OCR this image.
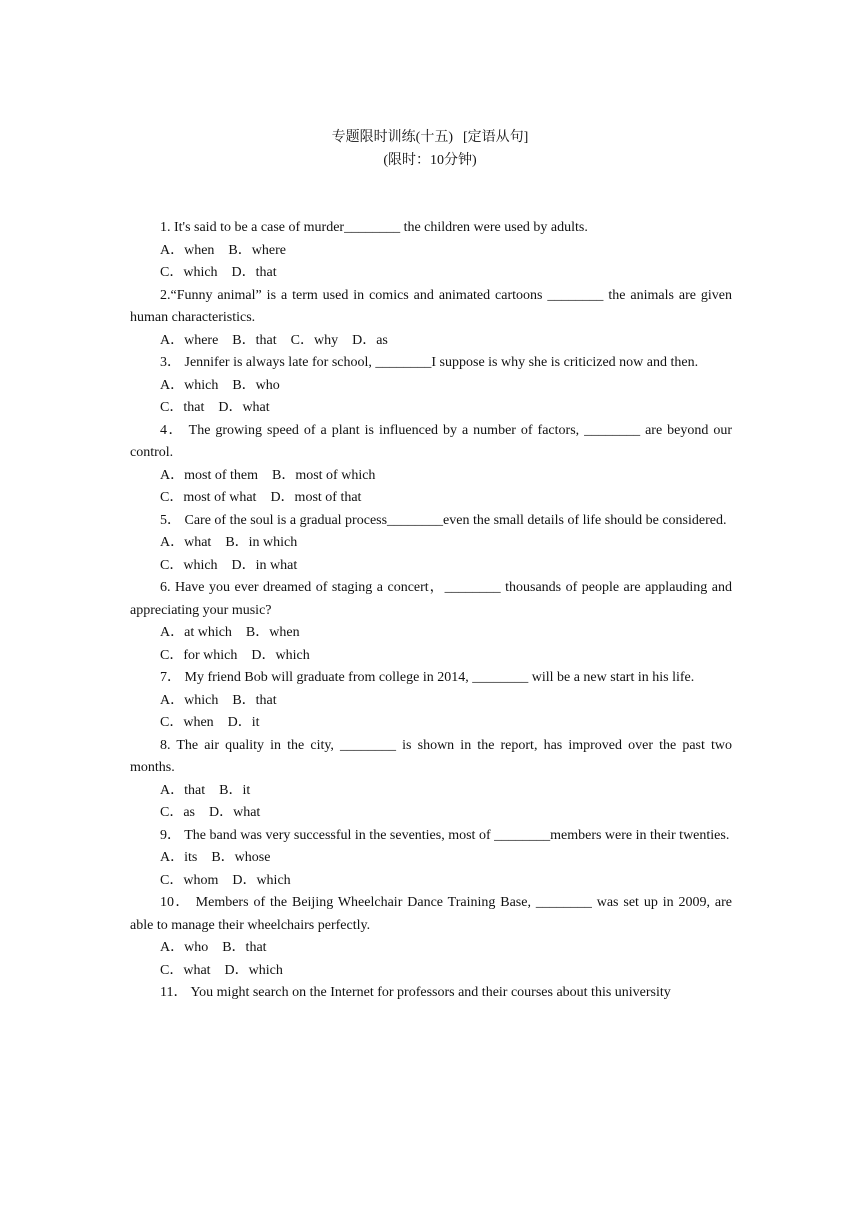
专题限时训练(十五) [定语从句]
(限时：10分钟)

1. It's said to be a case of murder________ the children were used by adults.

A．when    B．where

C．which    D．that

2.“Funny animal” is a term used in comics and animated cartoons ________ the animals are given human characteristics.

A．where    B．that    C．why    D．as

3． Jennifer is always late for school, ________I suppose is why she is criticized now and then.

A．which    B．who

C．that    D．what

4． The growing speed of a plant is influenced by a number of factors, ________ are beyond our control.

A．most of them    B．most of which

C．most of what    D．most of that

5． Care of the soul is a gradual process________even the small details of life should be considered.

A．what    B．in which

C．which    D．in what

6. Have you ever dreamed of staging a concert，________ thousands of people are applauding and appreciating your music?

A．at which    B．when

C．for which    D．which

7． My friend Bob will graduate from college in 2014, ________ will be a new start in his life.

A．which    B．that

C．when    D．it

8. The air quality in the city, ________ is shown in the report, has improved over the past two months.

A．that    B．it

C．as    D．what

9． The band was very successful in the seventies, most of ________members were in their twenties.

A．its    B．whose

C．whom    D．which

10． Members of the Beijing Wheelchair Dance Training Base, ________ was set up in 2009, are able to manage their wheelchairs perfectly.

A．who    B．that

C．what    D．which

11． You might search on the Internet for professors and their courses about this university
